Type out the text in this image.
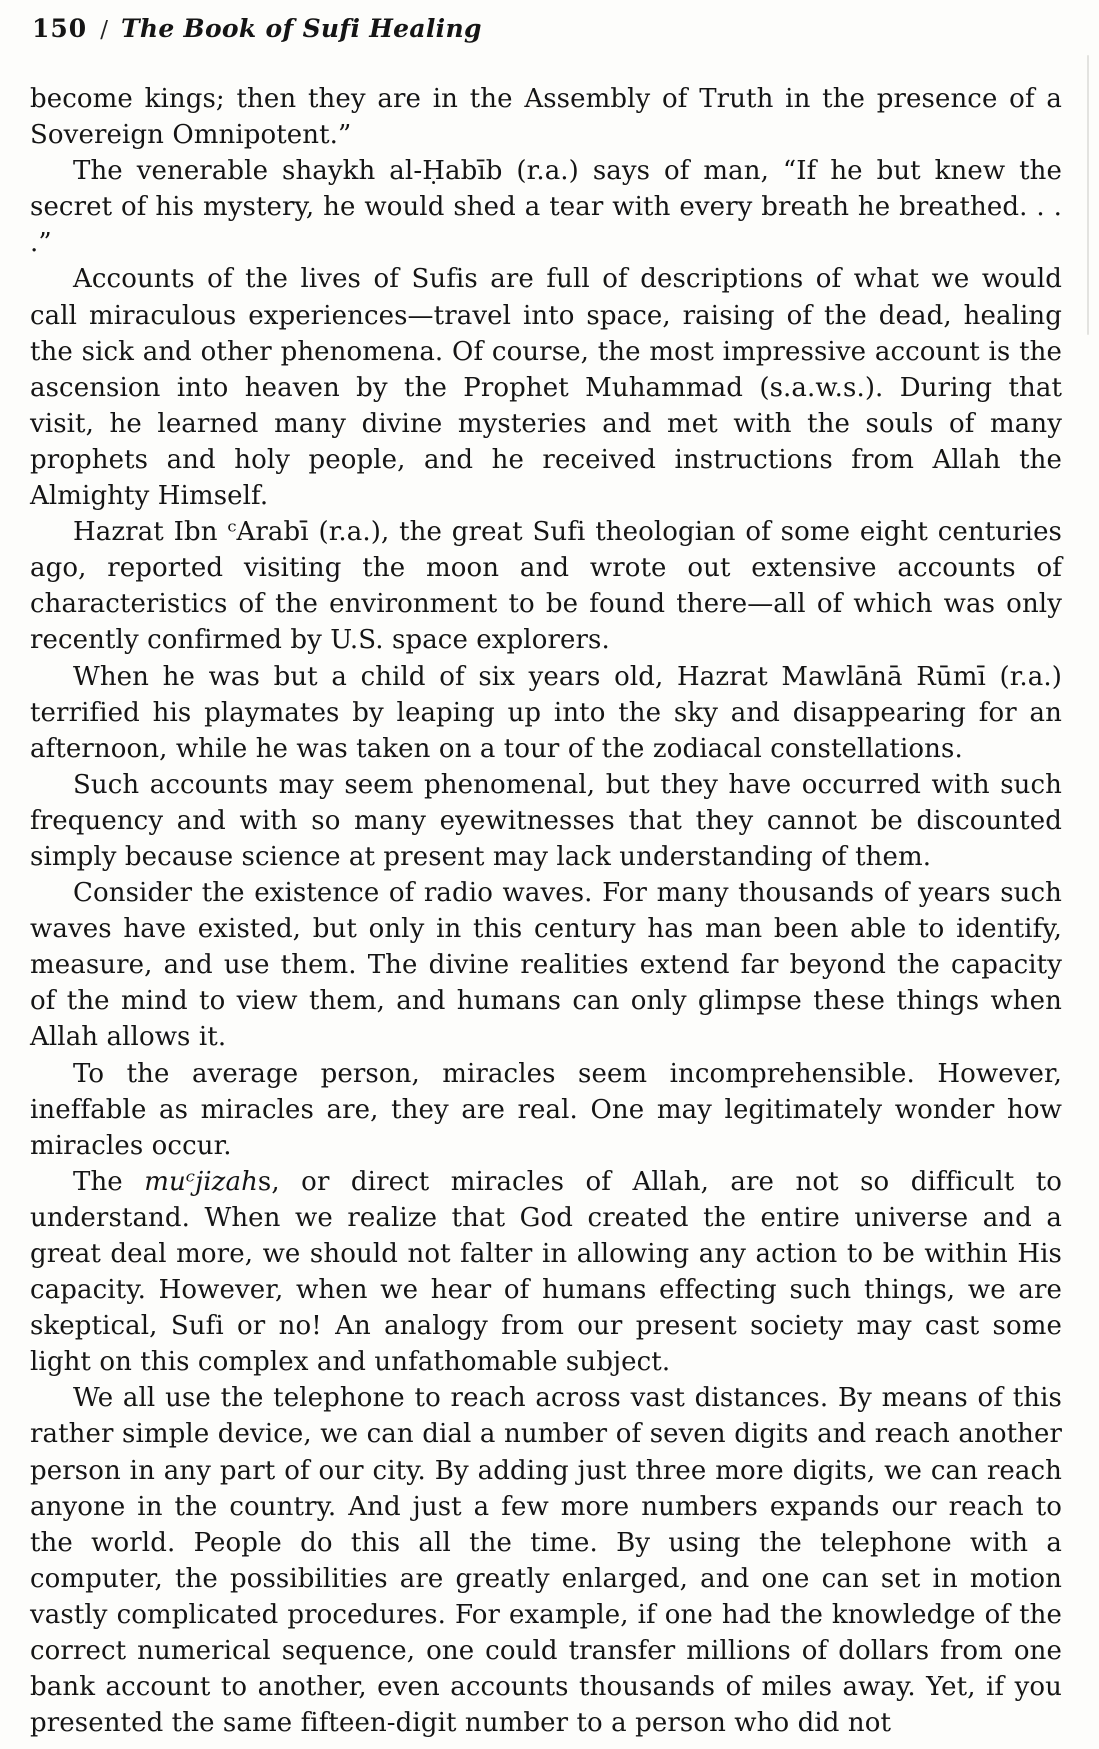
150 / The Book of Sufi Healing

become kings; then they are in the Assembly of Truth in the presence of a Sovereign Omnipotent.”

The venerable shaykh al-Ḥabīb (r.a.) says of man, “If he but knew the secret of his mystery, he would shed a tear with every breath he breathed. . . .”

Accounts of the lives of Sufis are full of descriptions of what we would call miraculous experiences—travel into space, raising of the dead, healing the sick and other phenomena. Of course, the most impressive account is the ascension into heaven by the Prophet Muhammad (s.a.w.s.). During that visit, he learned many divine mysteries and met with the souls of many prophets and holy people, and he received instructions from Allah the Almighty Himself.

Hazrat Ibn ᶜArabī (r.a.), the great Sufi theologian of some eight centuries ago, reported visiting the moon and wrote out extensive accounts of characteristics of the environment to be found there—all of which was only recently confirmed by U.S. space explorers.

When he was but a child of six years old, Hazrat Mawlānā Rūmī (r.a.) terrified his playmates by leaping up into the sky and disappearing for an afternoon, while he was taken on a tour of the zodiacal constellations.

Such accounts may seem phenomenal, but they have occurred with such frequency and with so many eyewitnesses that they cannot be discounted simply because science at present may lack understanding of them.

Consider the existence of radio waves. For many thousands of years such waves have existed, but only in this century has man been able to identify, measure, and use them. The divine realities extend far beyond the capacity of the mind to view them, and humans can only glimpse these things when Allah allows it.

To the average person, miracles seem incomprehensible. However, ineffable as miracles are, they are real. One may legitimately wonder how miracles occur.

The muᶜjizahs, or direct miracles of Allah, are not so difficult to understand. When we realize that God created the entire universe and a great deal more, we should not falter in allowing any action to be within His capacity. However, when we hear of humans effecting such things, we are skeptical, Sufi or no! An analogy from our present society may cast some light on this complex and unfathomable subject.

We all use the telephone to reach across vast distances. By means of this rather simple device, we can dial a number of seven digits and reach another person in any part of our city. By adding just three more digits, we can reach anyone in the country. And just a few more numbers expands our reach to the world. People do this all the time. By using the telephone with a computer, the possibilities are greatly enlarged, and one can set in motion vastly complicated procedures. For example, if one had the knowledge of the correct numerical sequence, one could transfer millions of dollars from one bank account to another, even accounts thousands of miles away. Yet, if you presented the same fifteen-digit number to a person who did not
